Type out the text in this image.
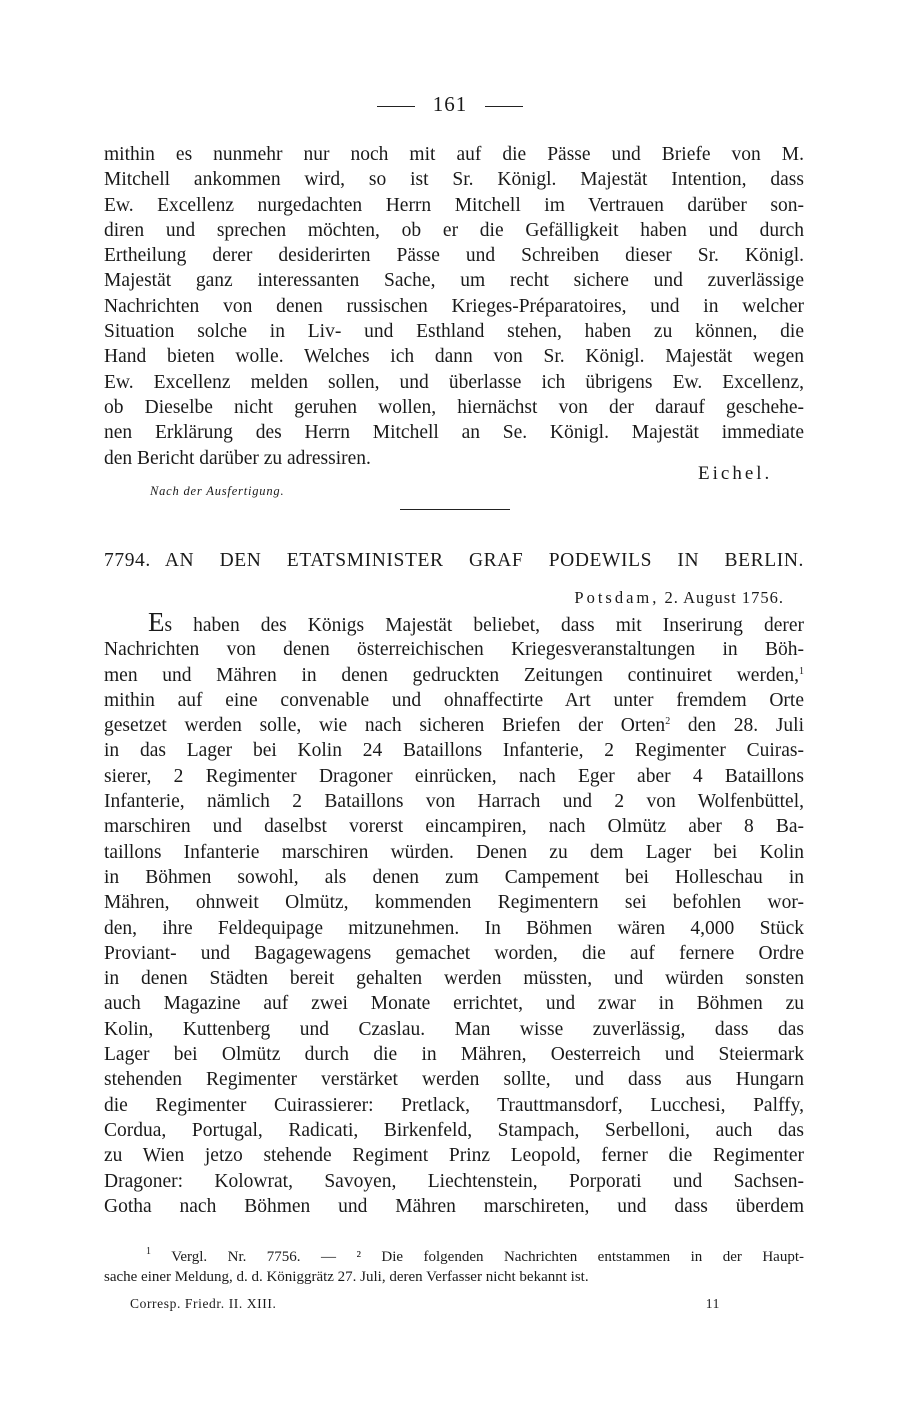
161
mithin es nunmehr nur noch mit auf die Pässe und Briefe von M.
Mitchell ankommen wird, so ist Sr. Königl. Majestät Intention, dass
Ew. Excellenz nurgedachten Herrn Mitchell im Vertrauen darüber son-
diren und sprechen möchten, ob er die Gefälligkeit haben und durch
Ertheilung derer desiderirten Pässe und Schreiben dieser Sr. Königl.
Majestät ganz interessanten Sache, um recht sichere und zuverlässige
Nachrichten von denen russischen Krieges-Préparatoires, und in welcher
Situation solche in Liv- und Esthland stehen, haben zu können, die
Hand bieten wolle. Welches ich dann von Sr. Königl. Majestät wegen
Ew. Excellenz melden sollen, und überlasse ich übrigens Ew. Excellenz,
ob Dieselbe nicht geruhen wollen, hiernächst von der darauf geschehe-
nen Erklärung des Herrn Mitchell an Se. Königl. Majestät immediate
den Bericht darüber zu adressiren.
Eichel.
Nach der Ausfertigung.
7794. AN DEN ETATSMINISTER GRAF PODEWILS IN BERLIN.
Potsdam, 2. August 1756.
Es haben des Königs Majestät beliebet, dass mit Inserirung derer
Nachrichten von denen österreichischen Kriegesveranstaltungen in Böh-
men und Mähren in denen gedruckten Zeitungen continuiret werden,$^1$
mithin auf eine convenable und ohnaffectirte Art unter fremdem Orte
gesetzet werden solle, wie nach sicheren Briefen der Orten$^2$ den 28. Juli
in das Lager bei Kolin 24 Bataillons Infanterie, 2 Regimenter Cuiras-
sierer, 2 Regimenter Dragoner einrücken, nach Eger aber 4 Bataillons
Infanterie, nämlich 2 Bataillons von Harrach und 2 von Wolfenbüttel,
marschiren und daselbst vorerst eincampiren, nach Olmütz aber 8 Ba-
taillons Infanterie marschiren würden. Denen zu dem Lager bei Kolin
in Böhmen sowohl, als denen zum Campement bei Holleschau in
Mähren, ohnweit Olmütz, kommenden Regimentern sei befohlen wor-
den, ihre Feldequipage mitzunehmen. In Böhmen wären 4,000 Stück
Proviant- und Bagagewagens gemachet worden, die auf fernere Ordre
in denen Städten bereit gehalten werden müssten, und würden sonsten
auch Magazine auf zwei Monate errichtet, und zwar in Böhmen zu
Kolin, Kuttenberg und Czaslau. Man wisse zuverlässig, dass das
Lager bei Olmütz durch die in Mähren, Oesterreich und Steiermark
stehenden Regimenter verstärket werden sollte, und dass aus Hungarn
die Regimenter Cuirassierer: Pretlack, Trauttmansdorf, Lucchesi, Palffy,
Cordua, Portugal, Radicati, Birkenfeld, Stampach, Serbelloni, auch das
zu Wien jetzo stehende Regiment Prinz Leopold, ferner die Regimenter
Dragoner: Kolowrat, Savoyen, Liechtenstein, Porporati und Sachsen-
Gotha nach Böhmen und Mähren marschireten, und dass überdem
$^1$ Vergl. Nr. 7756. — ² Die folgenden Nachrichten entstammen in der Haupt-
sache einer Meldung, d. d. Königgrätz 27. Juli, deren Verfasser nicht bekannt ist.
Corresp. Friedr. II. XIII.	11
